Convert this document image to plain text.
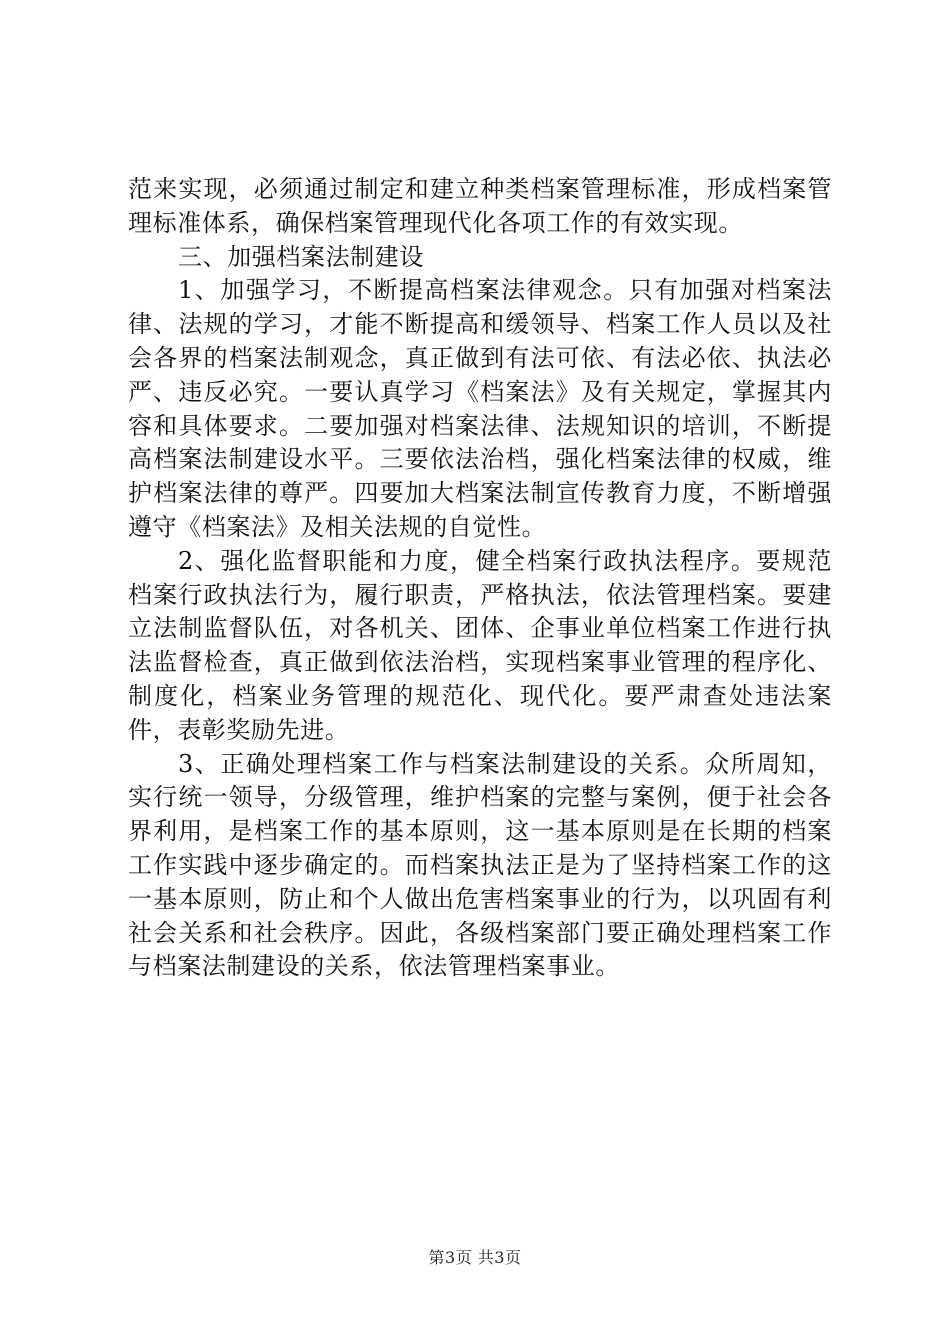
范来实现，必须通过制定和建立种类档案管理标准，形成档案管理标准体系，确保档案管理现代化各项工作的有效实现。

三、加强档案法制建设

1、加强学习，不断提高档案法律观念。只有加强对档案法律、法规的学习，才能不断提高和缓领导、档案工作人员以及社会各界的档案法制观念，真正做到有法可依、有法必依、执法必严、违反必究。一要认真学习《档案法》及有关规定，掌握其内容和具体要求。二要加强对档案法律、法规知识的培训，不断提高档案法制建设水平。三要依法治档，强化档案法律的权威，维护档案法律的尊严。四要加大档案法制宣传教育力度，不断增强遵守《档案法》及相关法规的自觉性。

2、强化监督职能和力度，健全档案行政执法程序。要规范档案行政执法行为，履行职责，严格执法，依法管理档案。要建立法制监督队伍，对各机关、团体、企事业单位档案工作进行执法监督检查，真正做到依法治档，实现档案事业管理的程序化、制度化，档案业务管理的规范化、现代化。要严肃查处违法案件，表彰奖励先进。

3、正确处理档案工作与档案法制建设的关系。众所周知，实行统一领导，分级管理，维护档案的完整与案例，便于社会各界利用，是档案工作的基本原则，这一基本原则是在长期的档案工作实践中逐步确定的。而档案执法正是为了坚持档案工作的这一基本原则，防止和个人做出危害档案事业的行为，以巩固有利社会关系和社会秩序。因此，各级档案部门要正确处理档案工作与档案法制建设的关系，依法管理档案事业。

第3页 共3页
